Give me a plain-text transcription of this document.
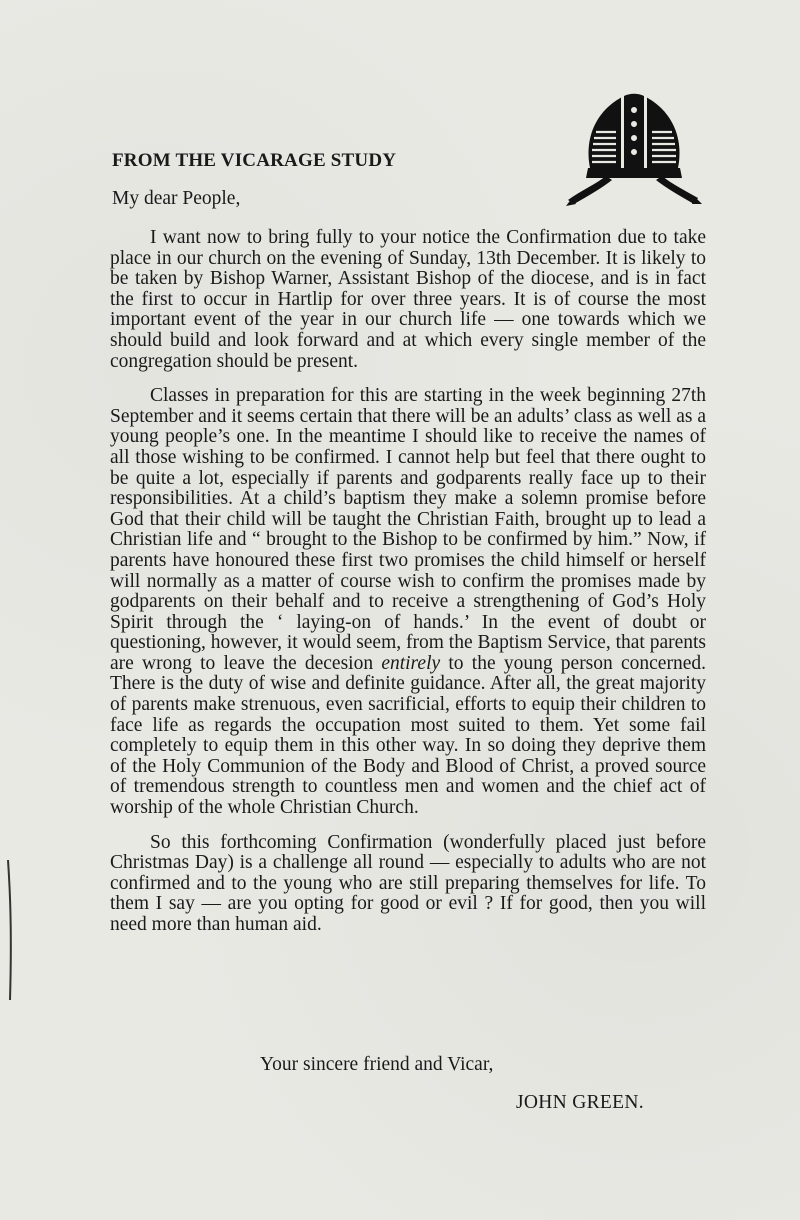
FROM THE VICARAGE STUDY
My dear People,

I want now to bring fully to your notice the Confirmation due to take place in our church on the evening of Sunday, 13th December. It is likely to be taken by Bishop Warner, Assistant Bishop of the diocese, and is in fact the first to occur in Hartlip for over three years. It is of course the most important event of the year in our church life — one towards which we should build and look forward and at which every single member of the congregation should be present.

Classes in preparation for this are starting in the week beginning 27th September and it seems certain that there will be an adults’ class as well as a young people’s one. In the meantime I should like to receive the names of all those wishing to be confirmed. I cannot help but feel that there ought to be quite a lot, especially if parents and godparents really face up to their responsibilities. At a child’s baptism they make a solemn promise before God that their child will be taught the Christian Faith, brought up to lead a Christian life and “ brought to the Bishop to be confirmed by him.” Now, if parents have honoured these first two promises the child himself or herself will normally as a matter of course wish to confirm the promises made by godparents on their behalf and to receive a strengthening of God’s Holy Spirit through the ‘ laying-on of hands.’ In the event of doubt or questioning, however, it would seem, from the Baptism Service, that parents are wrong to leave the decesion entirely to the young person concerned. There is the duty of wise and definite guidance. After all, the great majority of parents make strenuous, even sacrificial, efforts to equip their children to face life as regards the occupation most suited to them. Yet some fail completely to equip them in this other way. In so doing they deprive them of the Holy Communion of the Body and Blood of Christ, a proved source of tremendous strength to countless men and women and the chief act of worship of the whole Christian Church.

So this forthcoming Confirmation (wonderfully placed just before Christmas Day) is a challenge all round — especially to adults who are not confirmed and to the young who are still preparing themselves for life. To them I say — are you opting for good or evil ? If for good, then you will need more than human aid.

Your sincere friend and Vicar,
JOHN GREEN.
